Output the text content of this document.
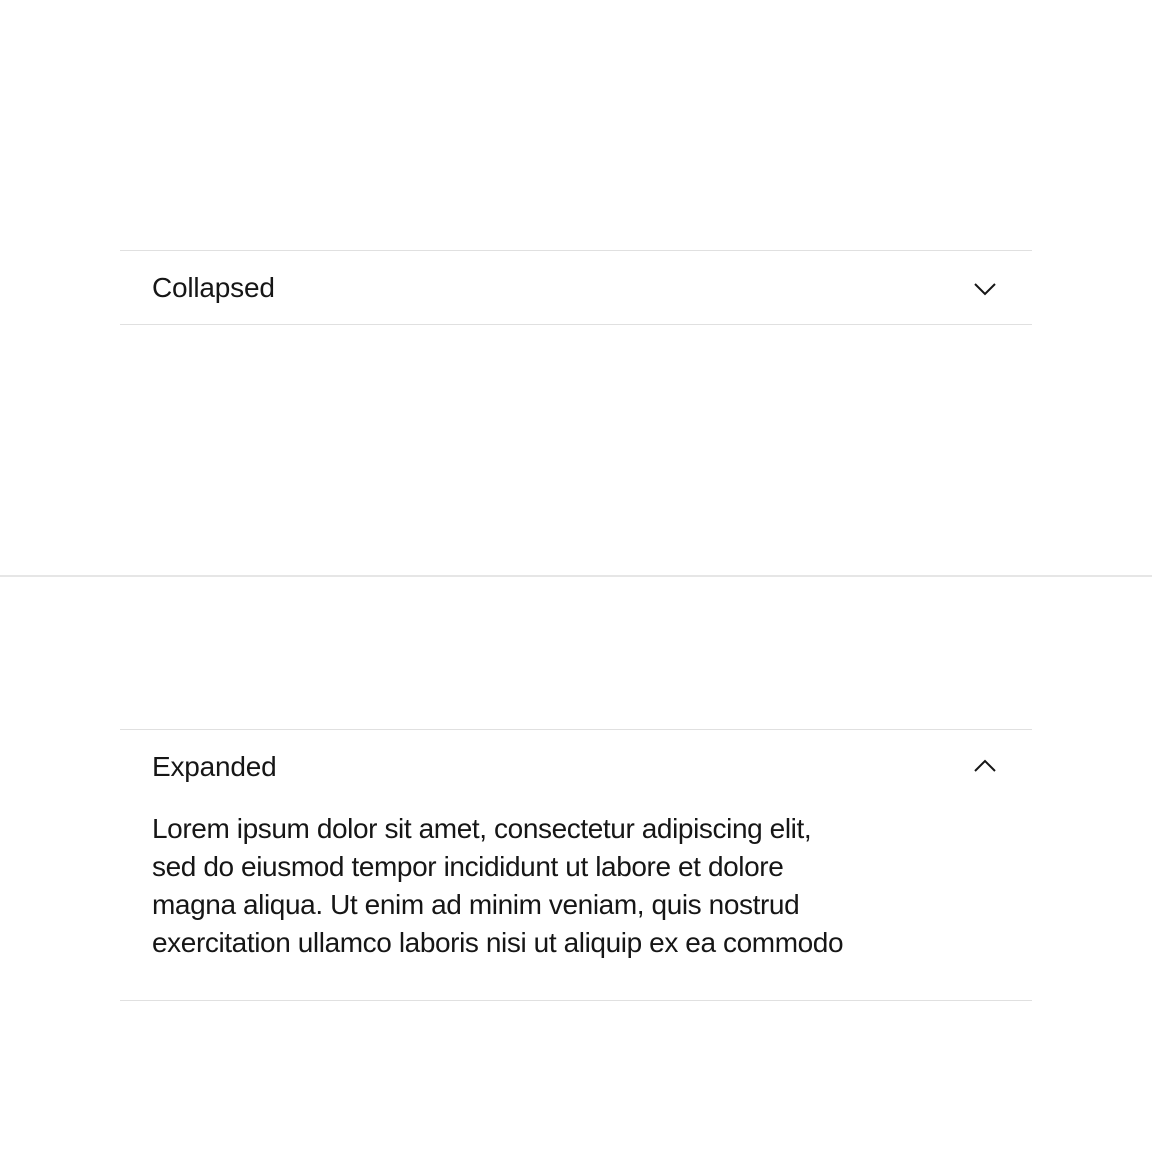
Collapsed
Expanded
Lorem ipsum dolor sit amet, consectetur adipiscing elit,
sed do eiusmod tempor incididunt ut labore et dolore
magna aliqua. Ut enim ad minim veniam, quis nostrud
exercitation ullamco laboris nisi ut aliquip ex ea commodo
